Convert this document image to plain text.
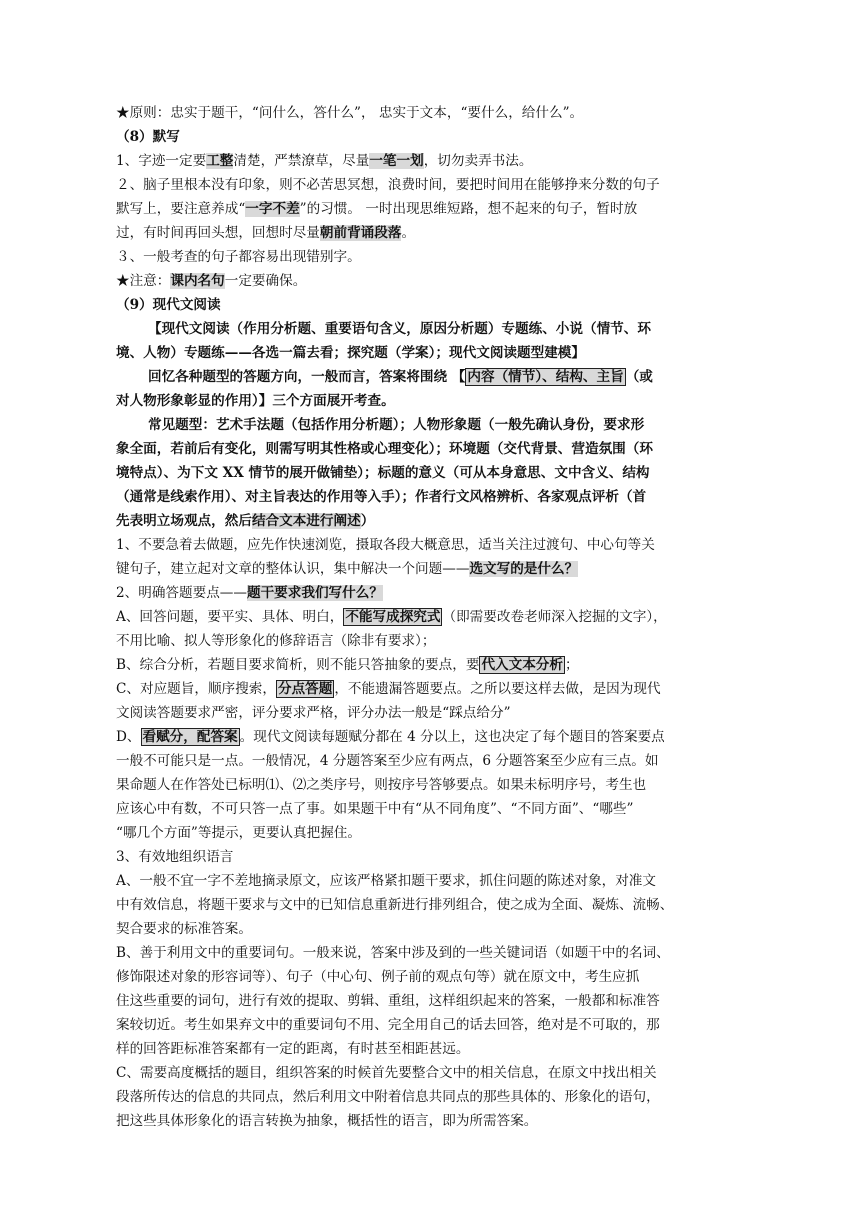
★原则：忠实于题干，“问什么，答什么”， 忠实于文本，“要什么，给什么”。
（8）默写
1、字迹一定要工整清楚，严禁潦草，尽量一笔一划，切勿卖弄书法。
２、脑子里根本没有印象，则不必苦思冥想，浪费时间，要把时间用在能够挣来分数的句子
默写上，要注意养成“一字不差”的习惯。 一时出现思维短路，想不起来的句子，暂时放
过，有时间再回头想，回想时尽量朝前背诵段落。
３、一般考查的句子都容易出现错别字。
★注意：课内名句一定要确保。
（9）现代文阅读
【现代文阅读（作用分析题、重要语句含义，原因分析题）专题练、小说（情节、环
境、人物）专题练——各选一篇去看；探究题（学案）；现代文阅读题型建模】
回忆各种题型的答题方向，一般而言，答案将围绕 【 内容（情节）、结构、主旨 （或
对人物形象彰显的作用）】三个方面展开考查。
常见题型：艺术手法题（包括作用分析题）；人物形象题（一般先确认身份，要求形
象全面，若前后有变化，则需写明其性格或心理变化）；环境题（交代背景、营造氛围（环
境特点）、为下文 XX 情节的展开做铺垫）；标题的意义（可从本身意思、文中含义、结构
（通常是线索作用）、对主旨表达的作用等入手）；作者行文风格辨析、各家观点评析（首
先表明立场观点，然后结合文本进行阐述）
1、不要急着去做题，应先作快速浏览，摄取各段大概意思，适当关注过渡句、中心句等关
键句子，建立起对文章的整体认识，集中解决一个问题——选文写的是什么？
2、明确答题要点——题干要求我们写什么？
A、回答问题，要平实、具体、明白， 不能写成探究式 （即需要改卷老师深入挖掘的文字），
不用比喻、拟人等形象化的修辞语言（除非有要求）；
B、综合分析，若题目要求简析，则不能只答抽象的要点，要 代入文本分析 ；
C、对应题旨，顺序搜索， 分点答题 ，不能遗漏答题要点。之所以要这样去做，是因为现代
文阅读答题要求严密，评分要求严格，评分办法一般是“踩点给分”
D、 看赋分，配答案 。现代文阅读每题赋分都在 4 分以上，这也决定了每个题目的答案要点
一般不可能只是一点。一般情况，4 分题答案至少应有两点，6 分题答案至少应有三点。如
果命题人在作答处已标明⑴、⑵之类序号，则按序号答够要点。如果未标明序号，考生也
应该心中有数，不可只答一点了事。如果题干中有“从不同角度”、“不同方面”、“哪些”
“哪几个方面”等提示，更要认真把握住。
3、有效地组织语言
A、一般不宜一字不差地摘录原文，应该严格紧扣题干要求，抓住问题的陈述对象，对准文
中有效信息，将题干要求与文中的已知信息重新进行排列组合，使之成为全面、凝炼、流畅、
契合要求的标准答案。
B、善于利用文中的重要词句。一般来说，答案中涉及到的一些关键词语（如题干中的名词、
修饰限述对象的形容词等）、句子（中心句、例子前的观点句等）就在原文中，考生应抓
住这些重要的词句，进行有效的提取、剪辑、重组，这样组织起来的答案，一般都和标准答
案较切近。考生如果弃文中的重要词句不用、完全用自己的话去回答，绝对是不可取的，那
样的回答距标准答案都有一定的距离，有时甚至相距甚远。
C、需要高度概括的题目，组织答案的时候首先要整合文中的相关信息，在原文中找出相关
段落所传达的信息的共同点，然后利用文中附着信息共同点的那些具体的、形象化的语句，
把这些具体形象化的语言转换为抽象，概括性的语言，即为所需答案。
